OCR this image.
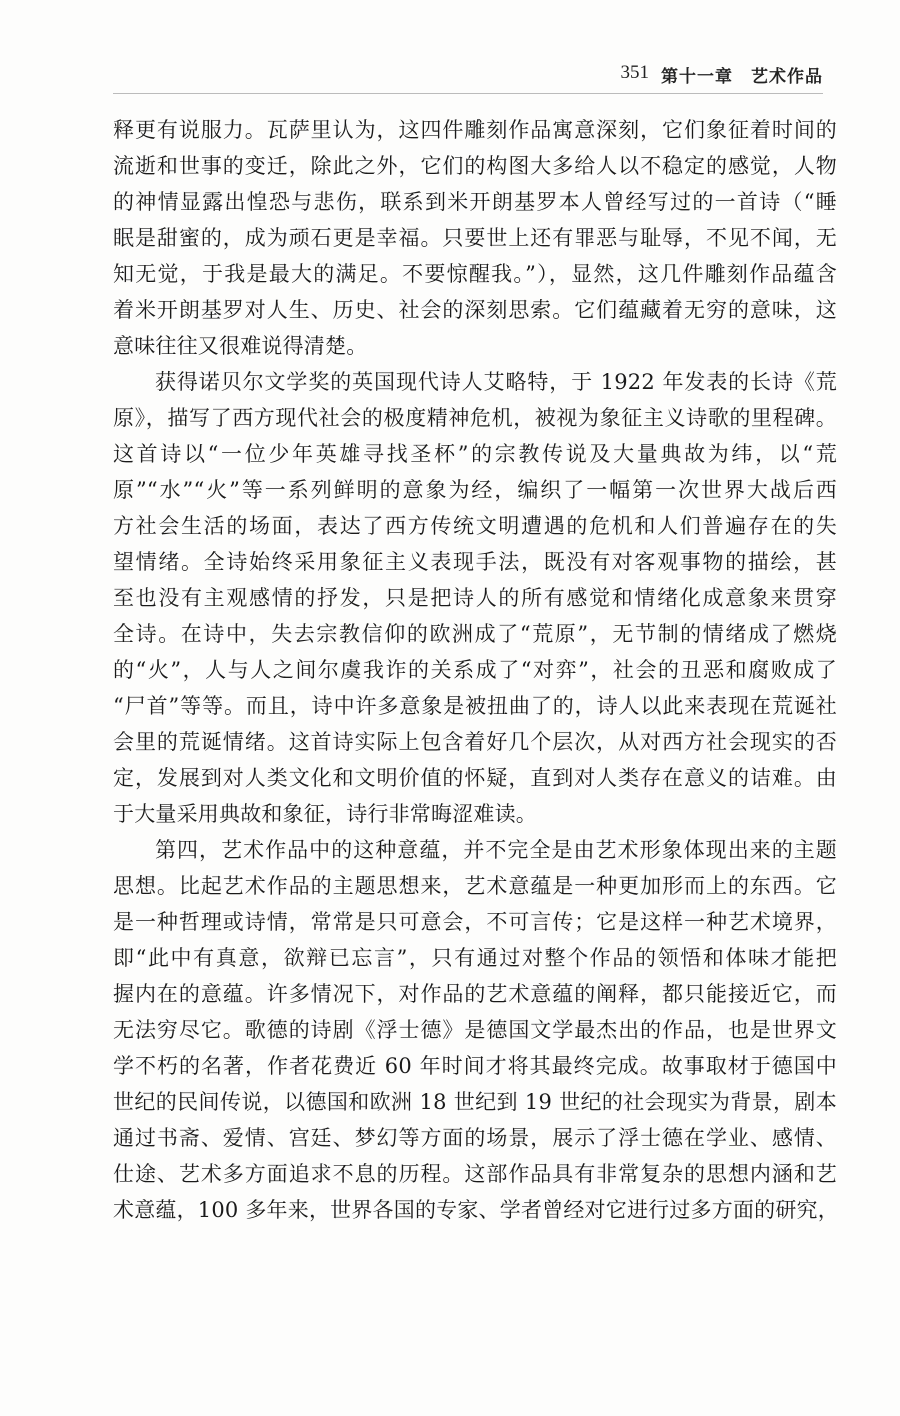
351 第十一章　艺术作品
释更有说服力。瓦萨里认为，这四件雕刻作品寓意深刻，它们象征着时间的
流逝和世事的变迁，除此之外，它们的构图大多给人以不稳定的感觉，人物
的神情显露出惶恐与悲伤，联系到米开朗基罗本人曾经写过的一首诗（“睡
眠是甜蜜的，成为顽石更是幸福。只要世上还有罪恶与耻辱，不见不闻，无
知无觉，于我是最大的满足。不要惊醒我。”），显然，这几件雕刻作品蕴含
着米开朗基罗对人生、历史、社会的深刻思索。它们蕴藏着无穷的意味，这
意味往往又很难说得清楚。
获得诺贝尔文学奖的英国现代诗人艾略特，于 1922 年发表的长诗《荒
原》，描写了西方现代社会的极度精神危机，被视为象征主义诗歌的里程碑。
这首诗以“一位少年英雄寻找圣杯”的宗教传说及大量典故为纬，以“荒
原”“水”“火”等一系列鲜明的意象为经，编织了一幅第一次世界大战后西
方社会生活的场面，表达了西方传统文明遭遇的危机和人们普遍存在的失
望情绪。全诗始终采用象征主义表现手法，既没有对客观事物的描绘，甚
至也没有主观感情的抒发，只是把诗人的所有感觉和情绪化成意象来贯穿
全诗。在诗中，失去宗教信仰的欧洲成了“荒原”，无节制的情绪成了燃烧
的“火”，人与人之间尔虞我诈的关系成了“对弈”，社会的丑恶和腐败成了
“尸首”等等。而且，诗中许多意象是被扭曲了的，诗人以此来表现在荒诞社
会里的荒诞情绪。这首诗实际上包含着好几个层次，从对西方社会现实的否
定，发展到对人类文化和文明价值的怀疑，直到对人类存在意义的诘难。由
于大量采用典故和象征，诗行非常晦涩难读。
第四，艺术作品中的这种意蕴，并不完全是由艺术形象体现出来的主题
思想。比起艺术作品的主题思想来，艺术意蕴是一种更加形而上的东西。它
是一种哲理或诗情，常常是只可意会，不可言传；它是这样一种艺术境界，
即“此中有真意，欲辩已忘言”，只有通过对整个作品的领悟和体味才能把
握内在的意蕴。许多情况下，对作品的艺术意蕴的阐释，都只能接近它，而
无法穷尽它。歌德的诗剧《浮士德》是德国文学最杰出的作品，也是世界文
学不朽的名著，作者花费近 60 年时间才将其最终完成。故事取材于德国中
世纪的民间传说，以德国和欧洲 18 世纪到 19 世纪的社会现实为背景，剧本
通过书斋、爱情、宫廷、梦幻等方面的场景，展示了浮士德在学业、感情、
仕途、艺术多方面追求不息的历程。这部作品具有非常复杂的思想内涵和艺
术意蕴，100 多年来，世界各国的专家、学者曾经对它进行过多方面的研究，
